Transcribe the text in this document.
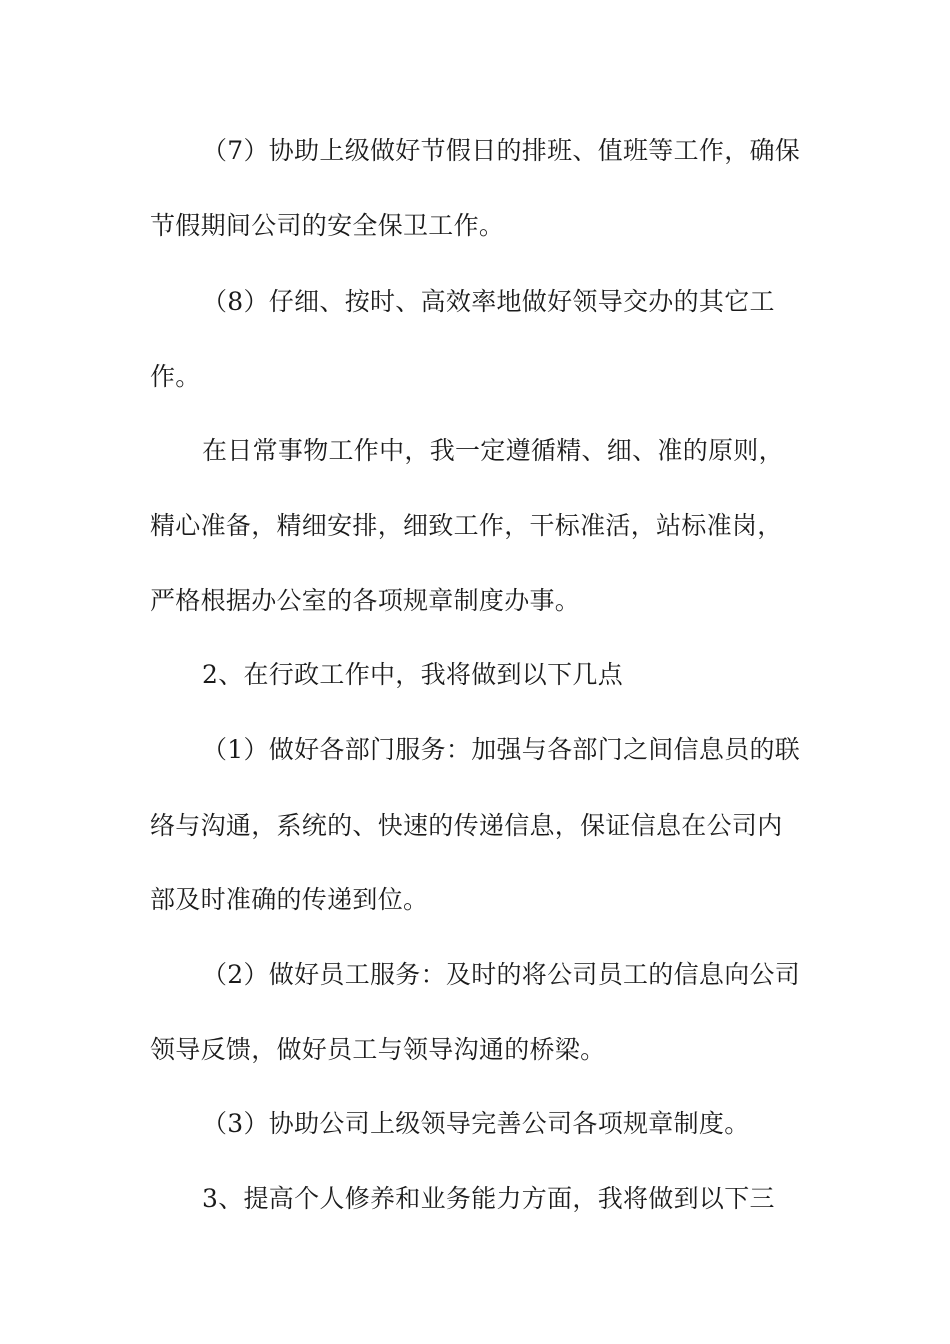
（7）协助上级做好节假日的排班、值班等工作，确保
节假期间公司的安全保卫工作。
（8）仔细、按时、高效率地做好领导交办的其它工
作。
在日常事物工作中，我一定遵循精、细、准的原则，
精心准备，精细安排，细致工作，干标准活，站标准岗，
严格根据办公室的各项规章制度办事。
2、在行政工作中，我将做到以下几点
（1）做好各部门服务：加强与各部门之间信息员的联
络与沟通，系统的、快速的传递信息，保证信息在公司内
部及时准确的传递到位。
（2）做好员工服务：及时的将公司员工的信息向公司
领导反馈，做好员工与领导沟通的桥梁。
（3）协助公司上级领导完善公司各项规章制度。
3、提高个人修养和业务能力方面，我将做到以下三
